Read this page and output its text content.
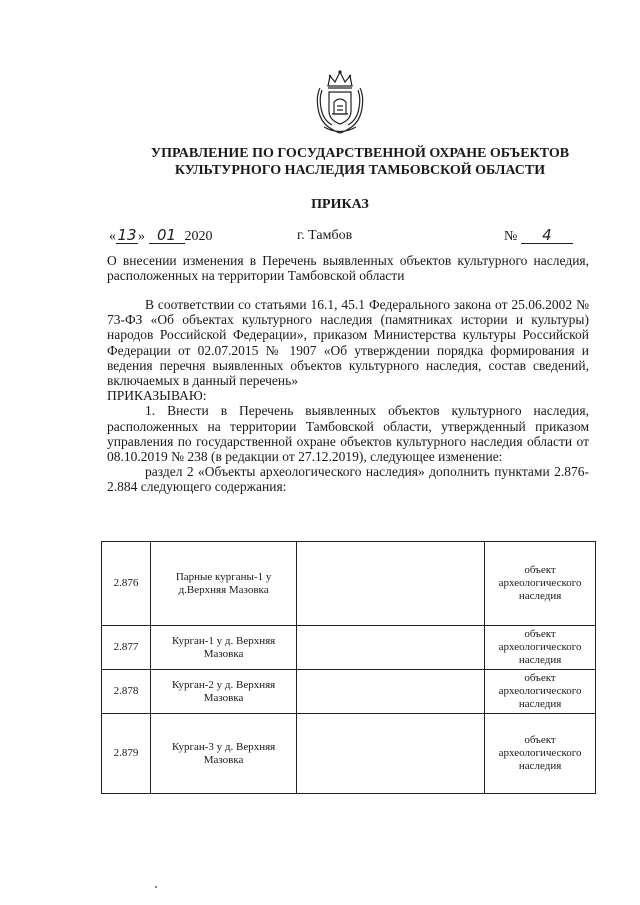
УПРАВЛЕНИЕ ПО ГОСУДАРСТВЕННОЙ ОХРАНЕ ОБЪЕКТОВ
КУЛЬТУРНОГО НАСЛЕДИЯ ТАМБОВСКОЙ ОБЛАСТИ
ПРИКАЗ
«13» 01 2020	г. Тамбов	№ 4
О внесении изменения в Перечень выявленных объектов культурного наследия, расположенных на территории Тамбовской области

В соответствии со статьями 16.1, 45.1 Федерального закона от 25.06.2002 № 73-ФЗ «Об объектах культурного наследия (памятниках истории и культуры) народов Российской Федерации», приказом Министерства культуры Российской Федерации от 02.07.2015 № 1907 «Об утверждении порядка формирования и ведения перечня выявленных объектов культурного наследия, состав сведений, включаемых в данный перечень»

ПРИКАЗЫВАЮ:

1. Внести в Перечень выявленных объектов культурного наследия, расположенных на территории Тамбовской области, утвержденный приказом управления по государственной охране объектов культурного наследия области от 08.10.2019 № 238 (в редакции от 27.12.2019), следующее изменение:

раздел 2 «Объекты археологического наследия» дополнить пунктами 2.876-2.884 следующего содержания:

2.876	Парные курганы-1 у д.Верхняя Мазовка		объект археологического наследия
2.877	Курган-1 у д. Верхняя Мазовка		объект археологического наследия
2.878	Курган-2 у д. Верхняя Мазовка		объект археологического наследия
2.879	Курган-3 у д. Верхняя Мазовка		объект археологического наследия
